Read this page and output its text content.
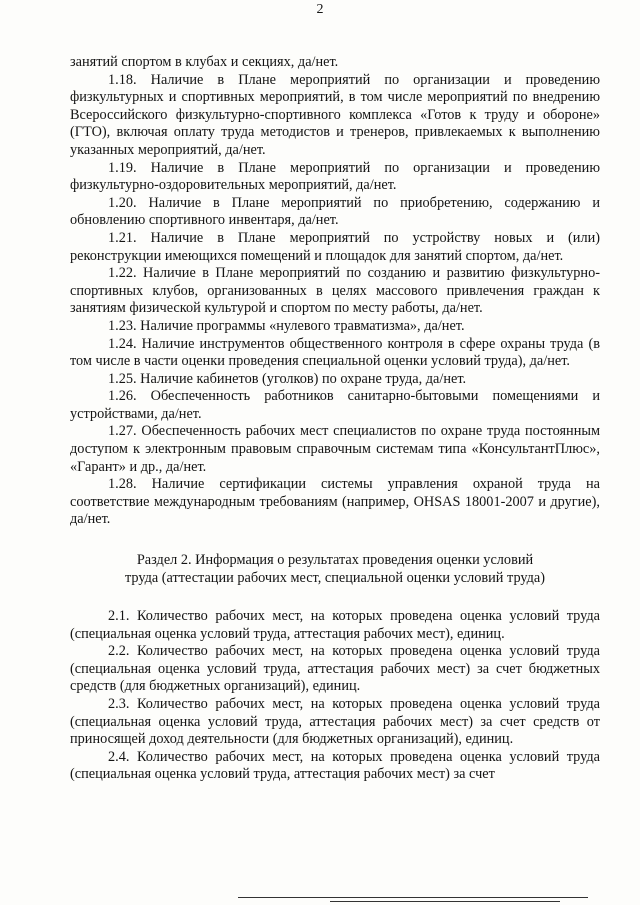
2

занятий спортом в клубах и секциях, да/нет.

1.18. Наличие в Плане мероприятий по организации и проведению физкультурных и спортивных мероприятий, в том числе мероприятий по внедрению Всероссийского физкультурно-спортивного комплекса «Готов к труду и обороне» (ГТО), включая оплату труда методистов и тренеров, привлекаемых к выполнению указанных мероприятий, да/нет.

1.19. Наличие в Плане мероприятий по организации и проведению физкультурно-оздоровительных мероприятий, да/нет.

1.20. Наличие в Плане мероприятий по приобретению, содержанию и обновлению спортивного инвентаря, да/нет.

1.21. Наличие в Плане мероприятий по устройству новых и (или) реконструкции имеющихся помещений и площадок для занятий спортом, да/нет.

1.22. Наличие в Плане мероприятий по созданию и развитию физкультурно-спортивных клубов, организованных в целях массового привлечения граждан к занятиям физической культурой и спортом по месту работы, да/нет.

1.23. Наличие программы «нулевого травматизма», да/нет.

1.24. Наличие инструментов общественного контроля в сфере охраны труда (в том числе в части оценки проведения специальной оценки условий труда), да/нет.

1.25. Наличие кабинетов (уголков) по охране труда, да/нет.

1.26. Обеспеченность работников санитарно-бытовыми помещениями и устройствами, да/нет.

1.27. Обеспеченность рабочих мест специалистов по охране труда постоянным доступом к электронным правовым справочным системам типа «КонсультантПлюс», «Гарант» и др., да/нет.

1.28. Наличие сертификации системы управления охраной труда на соответствие международным требованиям (например, OHSAS 18001-2007 и другие), да/нет.

Раздел 2. Информация о результатах проведения оценки условий
труда (аттестации рабочих мест, специальной оценки условий труда)

2.1. Количество рабочих мест, на которых проведена оценка условий труда (специальная оценка условий труда, аттестация рабочих мест), единиц.

2.2. Количество рабочих мест, на которых проведена оценка условий труда (специальная оценка условий труда, аттестация рабочих мест) за счет бюджетных средств (для бюджетных организаций), единиц.

2.3. Количество рабочих мест, на которых проведена оценка условий труда (специальная оценка условий труда, аттестация рабочих мест) за счет средств от приносящей доход деятельности (для бюджетных организаций), единиц.

2.4. Количество рабочих мест, на которых проведена оценка условий труда (специальная оценка условий труда, аттестация рабочих мест) за счет
